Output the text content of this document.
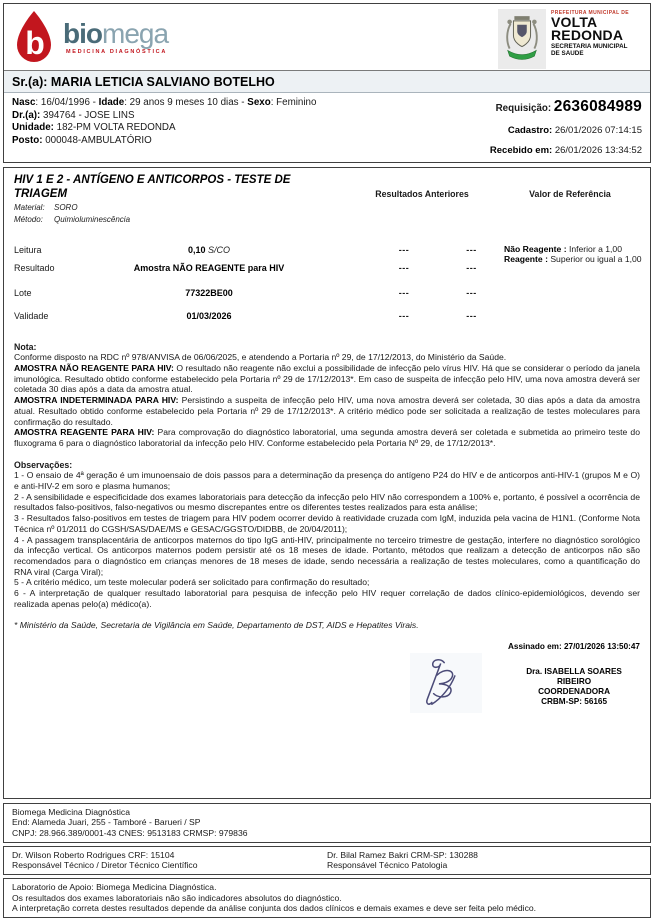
b biomega
MEDICINA DIAGNÓSTICA
PREFEITURA MUNICIPAL DE
VOLTA
REDONDA
SECRETARIA MUNICIPAL
DE SAUDE
Sr.(a): MARIA LETICIA SALVIANO BOTELHO
Nasc: 16/04/1996 - Idade: 29 anos 9 meses 10 dias - Sexo: Feminino
Dr.(a): 394764 - JOSE LINS
Unidade: 182-PM VOLTA REDONDA
Posto: 000048-AMBULATÓRIO
Requisição: 2636084989
Cadastro: 26/01/2026 07:14:15
Recebido em: 26/01/2026 13:34:52
HIV 1 E 2 - ANTÍGENO E ANTICORPOS - TESTE DE TRIAGEM	Resultados Anteriores	Valor de Referência
Material: SORO
Método: Quimioluminescência
Leitura	0,10 S/CO	---	---
Resultado	Amostra NÃO REAGENTE para HIV	---	---
Lote	77322BE00	---	---
Validade	01/03/2026	---	---
Não Reagente : Inferior a 1,00
Reagente : Superior ou igual a 1,00

Nota:

Conforme disposto na RDC nº 978/ANVISA de 06/06/2025, e atendendo a Portaria nº 29, de 17/12/2013, do Ministério da Saúde.

AMOSTRA NÃO REAGENTE PARA HIV: O resultado não reagente não exclui a possibilidade de infecção pelo vírus HIV. Há que se considerar o período da janela imunológica. Resultado obtido conforme estabelecido pela Portaria nº 29 de 17/12/2013*. Em caso de suspeita de infecção pelo HIV, uma nova amostra deverá ser coletada 30 dias após a data da amostra atual.

AMOSTRA INDETERMINADA PARA HIV: Persistindo a suspeita de infecção pelo HIV, uma nova amostra deverá ser coletada, 30 dias após a data da amostra atual. Resultado obtido conforme estabelecido pela Portaria nº 29 de 17/12/2013*. A critério médico pode ser solicitada a realização de testes moleculares para confirmação do resultado.

AMOSTRA REAGENTE PARA HIV: Para comprovação do diagnóstico laboratorial, uma segunda amostra deverá ser coletada e submetida ao primeiro teste do fluxograma 6 para o diagnóstico laboratorial da infecção pelo HIV. Conforme estabelecido pela Portaria Nº 29, de 17/12/2013*.

Observações:

1 - O ensaio de 4ª geração é um imunoensaio de dois passos para a determinação da presença do antígeno P24 do HIV e de anticorpos anti-HIV-1 (grupos M e O) e anti-HIV-2 em soro e plasma humanos;

2 - A sensibilidade e especificidade dos exames laboratoriais para detecção da infecção pelo HIV não correspondem a 100% e, portanto, é possível a ocorrência de resultados falso-positivos, falso-negativos ou mesmo discrepantes entre os diferentes testes realizados para esta análise;

3 - Resultados falso-positivos em testes de triagem para HIV podem ocorrer devido à reatividade cruzada com IgM, induzida pela vacina de H1N1. (Conforme Nota Técnica nº 01/2011 do CGSH/SAS/DAE/MS e GESAC/GGSTO/DIDBB, de 20/04/2011);

4 - A passagem transplacentária de anticorpos maternos do tipo IgG anti-HIV, principalmente no terceiro trimestre de gestação, interfere no diagnóstico sorológico da infecção vertical. Os anticorpos maternos podem persistir até os 18 meses de idade. Portanto, métodos que realizam a detecção de anticorpos não são recomendados para o diagnóstico em crianças menores de 18 meses de idade, sendo necessária a realização de testes moleculares, como a quantificação do RNA viral (Carga Viral);

5 - A critério médico, um teste molecular poderá ser solicitado para confirmação do resultado;

6 - A interpretação de qualquer resultado laboratorial para pesquisa de infecção pelo HIV requer correlação de dados clínico-epidemiológicos, devendo ser realizada apenas pelo(a) médico(a).

* Ministério da Saúde, Secretaria de Vigilância em Saúde, Departamento de DST, AIDS e Hepatites Virais.

Assinado em: 27/01/2026 13:50:47

Dra. ISABELLA SOARES RIBEIRO
COORDENADORA
CRBM-SP: 56165
Biomega Medicina Diagnóstica
End: Alameda Juari, 255 - Tamboré - Barueri / SP
CNPJ: 28.966.389/0001-43 CNES: 9513183 CRMSP: 979836
Dr. Wilson Roberto Rodrigues CRF: 15104
Responsável Técnico / Diretor Técnico Científico
Dr. Bilal Ramez Bakri CRM-SP: 130288
Responsável Técnico Patologia
Laboratorio de Apoio: Biomega Medicina Diagnóstica.
Os resultados dos exames laboratoriais não são indicadores absolutos do diagnóstico.
A interpretação correta destes resultados depende da análise conjunta dos dados clínicos e demais exames e deve ser feita pelo médico.
